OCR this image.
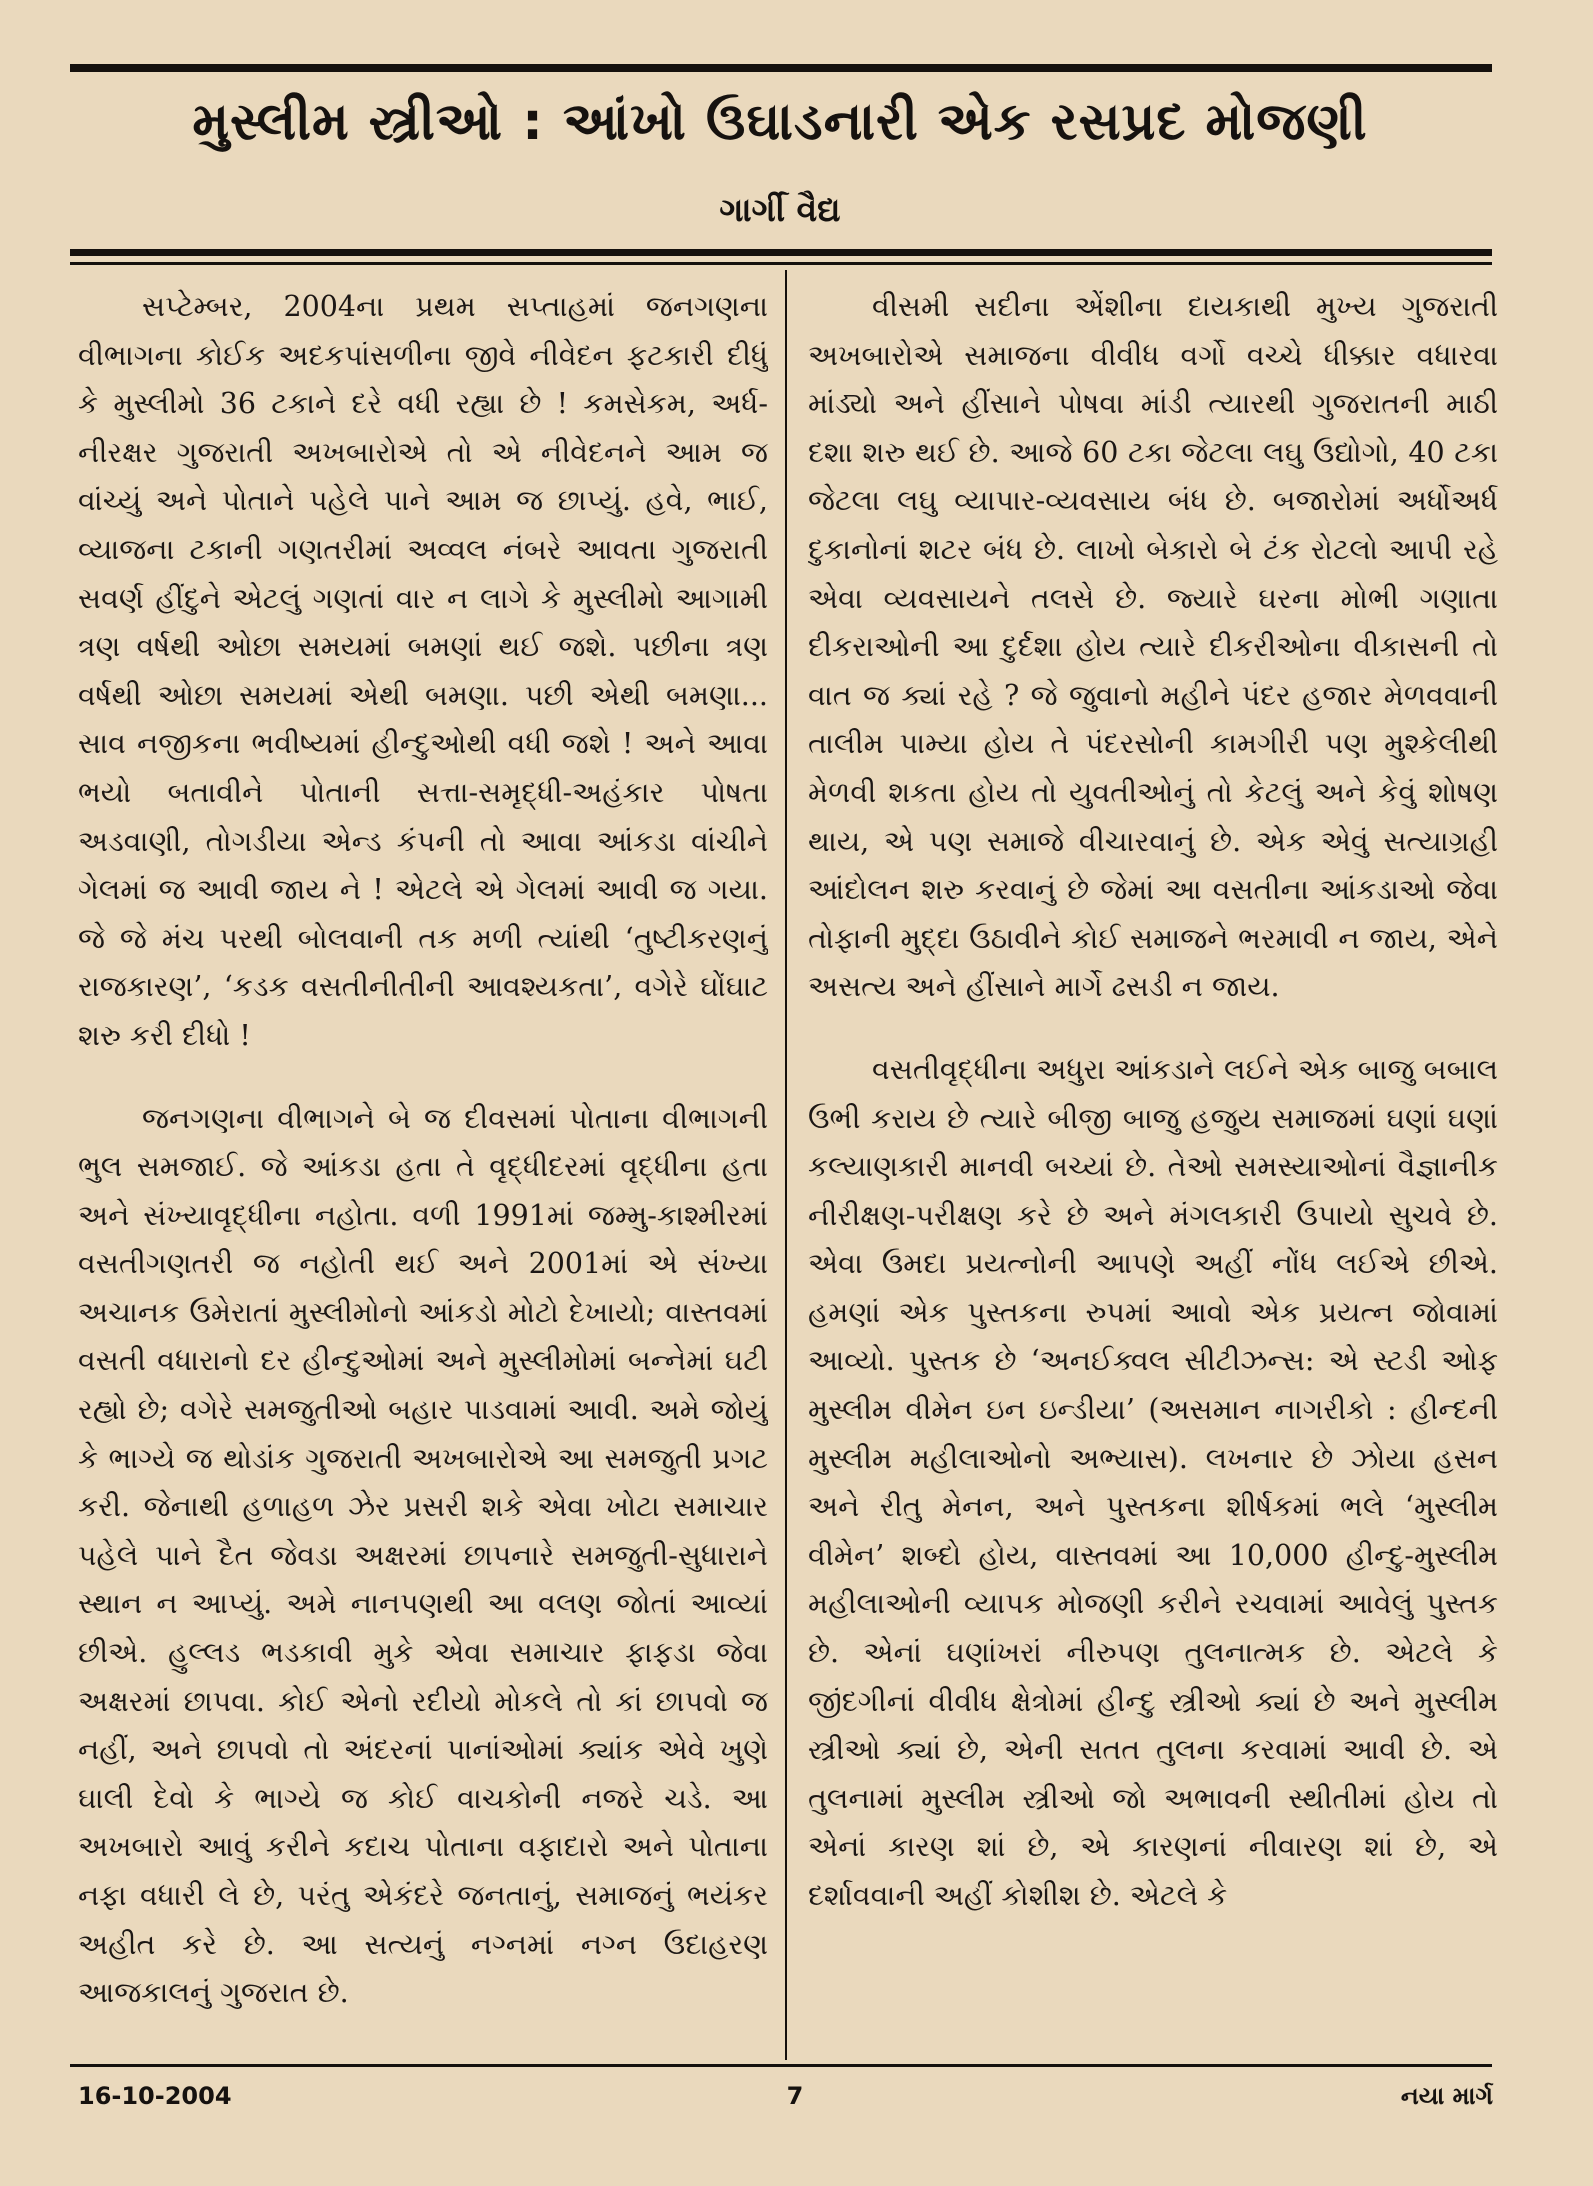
મુસ્લીમ સ્ત્રીઓ : આંખો ઉઘાડનારી એક રસપ્રદ મોજણી
ગાર્ગી વૈદ્ય

સપ્ટેમ્બર, 2004ના પ્રથમ સપ્તાહમાં જનગણના વીભાગના કોઈક અદકપાંસળીના જીવે નીવેદન ફટકારી દીધું કે મુસ્લીમો 36 ટકાને દરે વધી રહ્યા છે ! કમસેકમ, અર્ધ-નીરક્ષર ગુજરાતી અખબારોએ તો એ નીવેદનને આમ જ વાંચ્યું અને પોતાને પહેલે પાને આમ જ છાપ્યું. હવે, ભાઈ, વ્યાજના ટકાની ગણતરીમાં અવ્વલ નંબરે આવતા ગુજરાતી સવર્ણ હીંદુને એટલું ગણતાં વાર ન લાગે કે મુસ્લીમો આગામી ત્રણ વર્ષથી ઓછા સમયમાં બમણાં થઈ જશે. પછીના ત્રણ વર્ષથી ઓછા સમયમાં એથી બમણા. પછી એથી બમણા... સાવ નજીકના ભવીષ્યમાં હીન્દુઓથી વધી જશે ! અને આવા ભયો બતાવીને પોતાની સત્તા-સમૃદ્ધી-અહંકાર પોષતા અડવાણી, તોગડીયા એન્ડ કંપની તો આવા આંકડા વાંચીને ગેલમાં જ આવી જાય ને ! એટલે એ ગેલમાં આવી જ ગયા. જે જે મંચ પરથી બોલવાની તક મળી ત્યાંથી ‘તુષ્ટીકરણનું રાજકારણ’, ‘કડક વસતીનીતીની આવશ્યકતા’, વગેરે ઘોંઘાટ શરુ કરી દીધો !

જનગણના વીભાગને બે જ દીવસમાં પોતાના વીભાગની ભુલ સમજાઈ. જે આંકડા હતા તે વૃદ્ધીદરમાં વૃદ્ધીના હતા અને સંખ્યાવૃદ્ધીના નહોતા. વળી 1991માં જમ્મુ-કાશ્મીરમાં વસતીગણતરી જ નહોતી થઈ અને 2001માં એ સંખ્યા અચાનક ઉમેરાતાં મુસ્લીમોનો આંકડો મોટો દેખાયો; વાસ્તવમાં વસતી વધારાનો દર હીન્દુઓમાં અને મુસ્લીમોમાં બન્નેમાં ઘટી રહ્યો છે; વગેરે સમજુતીઓ બહાર પાડવામાં આવી. અમે જોયું કે ભાગ્યે જ થોડાંક ગુજરાતી અખબારોએ આ સમજુતી પ્રગટ કરી. જેનાથી હળાહળ ઝેર પ્રસરી શકે એવા ખોટા સમાચાર પહેલે પાને દૈત જેવડા અક્ષરમાં છાપનારે સમજુતી-સુધારાને સ્થાન ન આપ્યું. અમે નાનપણથી આ વલણ જોતાં આવ્યાં છીએ. હુલ્લડ ભડકાવી મુકે એવા સમાચાર ફાફડા જેવા અક્ષરમાં છાપવા. કોઈ એનો રદીયો મોકલે તો કાં છાપવો જ નહીં, અને છાપવો તો અંદરનાં પાનાંઓમાં ક્યાંક એવે ખુણે ઘાલી દેવો કે ભાગ્યે જ કોઈ વાચકોની નજરે ચડે. આ અખબારો આવું કરીને કદાચ પોતાના વફાદારો અને પોતાના નફા વધારી લે છે, પરંતુ એકંદરે જનતાનું, સમાજનું ભયંકર અહીત કરે છે. આ સત્યનું નગ્નમાં નગ્ન ઉદાહરણ આજકાલનું ગુજરાત છે.

વીસમી સદીના એંશીના દાયકાથી મુખ્ય ગુજરાતી અખબારોએ સમાજના વીવીધ વર્ગો વચ્ચે ધીક્કાર વધારવા માંડ્યો અને હીંસાને પોષવા માંડી ત્યારથી ગુજરાતની માઠી દશા શરુ થઈ છે. આજે 60 ટકા જેટલા લઘુ ઉદ્યોગો, 40 ટકા જેટલા લઘુ વ્યાપાર-વ્યવસાય બંધ છે. બજારોમાં અર્ધોઅર્ધ દુકાનોનાં શટર બંધ છે. લાખો બેકારો બે ટંક રોટલો આપી રહે એવા વ્યવસાયને તલસે છે. જ્યારે ઘરના મોભી ગણાતા દીકરાઓની આ દુર્દશા હોય ત્યારે દીકરીઓના વીકાસની તો વાત જ ક્યાં રહે ? જે જુવાનો મહીને પંદર હજાર મેળવવાની તાલીમ પામ્યા હોય તે પંદરસોની કામગીરી પણ મુશ્કેલીથી મેળવી શકતા હોય તો યુવતીઓનું તો કેટલું અને કેવું શોષણ થાય, એ પણ સમાજે વીચારવાનું છે. એક એવું સત્યાગ્રહી આંદોલન શરુ કરવાનું છે જેમાં આ વસતીના આંકડાઓ જેવા તોફાની મુદ્દા ઉઠાવીને કોઈ સમાજને ભરમાવી ન જાય, એને અસત્ય અને હીંસાને માર્ગે ઢસડી ન જાય.

વસતીવૃદ્ધીના અધુરા આંકડાને લઈને એક બાજુ બબાલ ઉભી કરાય છે ત્યારે બીજી બાજુ હજુય સમાજમાં ઘણાં ઘણાં કલ્યાણકારી માનવી બચ્યાં છે. તેઓ સમસ્યાઓનાં વૈજ્ઞાનીક નીરીક્ષણ-પરીક્ષણ કરે છે અને મંગલકારી ઉપાયો સુચવે છે. એવા ઉમદા પ્રયત્નોની આપણે અહીં નોંધ લઈએ છીએ. હમણાં એક પુસ્તકના રુપમાં આવો એક પ્રયત્ન જોવામાં આવ્યો. પુસ્તક છે ‘અનઈક્વલ સીટીઝન્સ: એ સ્ટડી ઓફ મુસ્લીમ વીમેન ઇન ઇન્ડીયા’ (અસમાન નાગરીકો : હીન્દની મુસ્લીમ મહીલાઓનો અભ્યાસ). લખનાર છે ઝોયા હસન અને રીતુ મેનન, અને પુસ્તકના શીર્ષકમાં ભલે ‘મુસ્લીમ વીમેન’ શબ્દો હોય, વાસ્તવમાં આ 10,000 હીન્દુ-મુસ્લીમ મહીલાઓની વ્યાપક મોજણી કરીને રચવામાં આવેલું પુસ્તક છે. એનાં ઘણાંખરાં નીરુપણ તુલનાત્મક છે. એટલે કે જીંદગીનાં વીવીધ ક્ષેત્રોમાં હીન્દુ સ્ત્રીઓ ક્યાં છે અને મુસ્લીમ સ્ત્રીઓ ક્યાં છે, એની સતત તુલના કરવામાં આવી છે. એ તુલનામાં મુસ્લીમ સ્ત્રીઓ જો અભાવની સ્થીતીમાં હોય તો એનાં કારણ શાં છે, એ કારણનાં નીવારણ શાં છે, એ દર્શાવવાની અહીં કોશીશ છે. એટલે કે

16-10-2004	7	નયા માર્ગ
